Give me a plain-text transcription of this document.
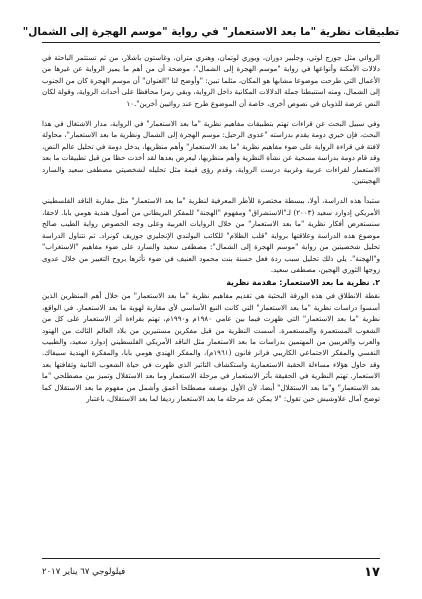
تطبيقات نظرية "ما بعد الاستعمار" في رواية "موسم الهجرة إلى الشمال"

الروائي مثل جورج لوثي، وجلبير دوران، ويوري لوتمان، وهنري متران، وغاستون باشلار، من ثم تستثمر الباحثة في دلالات الأمكنة وأنواعها في رواية "موسم الهجرة إلى الشمال"، موضحة أن من أهم ما يميز الرواية عن غيرها من الأعمال التي طرحت موضوعا مشابها هو المكان، مثلما تبين: "وأوضح لنا "العنوان" أن موسم الهجرة كان من الجنوب إلى الشمال، ومنه استنبطنا جملة الدلالات المكانية داخل الرواية، وبقي رمزا محافظا على أحداث الرواية، وقولة لكان النص عرضة للذوبان في نصوص أخرى، خاصة أن الموضوع طرح عند روائيين آخرين".١٠

وفي سبيل البحث عن قراءات تهتم بتطبيقات مفاهيم نظرية "ما بعد الاستعمار" في الرواية، مدار الاشتغال في هذا البحث، فإن خيري دومة يقدم بدراسته "عدوى الرحيل: موسم الهجرة إلى الشمال ونظرية ما بعد الاستعمار"، محاولة لافتة في قراءة الرواية على ضوء مفاهيم نظرية "ما بعد الاستعمار" وأهم منظريها، يدخل دومة في تحليل عالم النص، وقد قام دومة بدراسة مسحية عن نشأة النظرية وأهم منظريها، ليعرض بعدها لقد أخذت حظا من قبل تطبيقات ما بعد الاستعمار لقراءات عربية وغربية درست الرواية، وقدم رؤى قيمة مثل تحليله لشخصيتي مصطفى سعيد والسارد الهجينتين.

ستبدأ هذه الدراسة، أولا، ببسطة مختصرة للأطر المعرفية لنظرية "ما بعد الاستعمار" مثل مقاربة الناقد الفلسطيني الأمريكي إدوارد سعيد (٢٠٠٣) لـ"الاستشراق" ومفهوم "الهجنة" للمفكر البريطاني من أصول هندية هومي بابا. لاحقا، سنستعرض أفكار نظرية "ما بعد الاستعمار" من خلال الروايات العربية وعلى وجه الخصوص رواية الطيب صالح موضوع هذه الدراسة وعلاقتها برواية "قلب الظلام" للكاتب البولندي الإنجليزي جوزيف كونراد. ثم تتناول الدراسة تحليل شخصيتين من رواية "موسم الهجرة إلى الشمال": مصطفى سعيد والسارد على ضوء مفاهيم "الاستغراب" و"الهجنة". يلي ذلك تحليل سبب ردة فعل حسنة بنت محمود العنيف في ضوء تأثرها بروح التغيير من خلال عدوى زوجها الثوري الهجين، مصطفى سعيد.

٢. نظرية ما بعد الاستعمار: مقدمة نظرية

نقطة الانطلاق في هذه الورقة البحثية هي تقديم مفاهيم نظرية "ما بعد الاستعمار" من خلال أهم المنظرين الذين أسسوا دراسات نظرية "ما بعد الاستعمار" التي كانت النبع الأساسي لأي مقاربة لهوية ما بعد الاستعمار. في الواقع، نظرية "ما بعد الاستعمار" التي ظهرت فيما بين عامي ١٩٨٠م و١٩٩٠م، تهتم بقراءة أثر الاستعمار على كل من الشعوب المستعمرة والمستعمرة. أسست النظرية من قبل مفكرين مستنيرين من بلاد العالم الثالث من الهنود والعرب والغربيين من المهتمين بدراسات ما بعد الاستعمار مثل الناقد الأمريكي الفلسطيني إدوارد سعيد، والطبيب النفسي والمفكر الاجتماعي الكاريبي فرانز فانون (١٩٦١م)، والمفكر الهندي هومي بابا، والمفكرة الهندية سبيفاك. وقد حاول هؤلاء مساءلة الحقبة الاستعمارية واستكشاف التاثير الذي ظهرت في حياة الشعوب الثانية وثقافتها بعد الاستعمار. تهتم النظرية في الحقيقة بأثر الاستعمار في مرحلة الاستعمار وما بعد الاستقلال وتميز بين مصطلحي "ما بعد الاستعمار" و"ما بعد الاستقلال" أيضا، لأن الأول بوصفه مصطلحا أعمق وأشمل من مفهوم ما بعد الاستقلال كما توضح آمال علاوشيش حين تقول: "لا يمكن عد مرحلة ما بعد الاستعمار رديفا لما بعد الاستقلال، باعتبار

١٧
فيلولوجي ٦٧ يناير ٢٠١٧
